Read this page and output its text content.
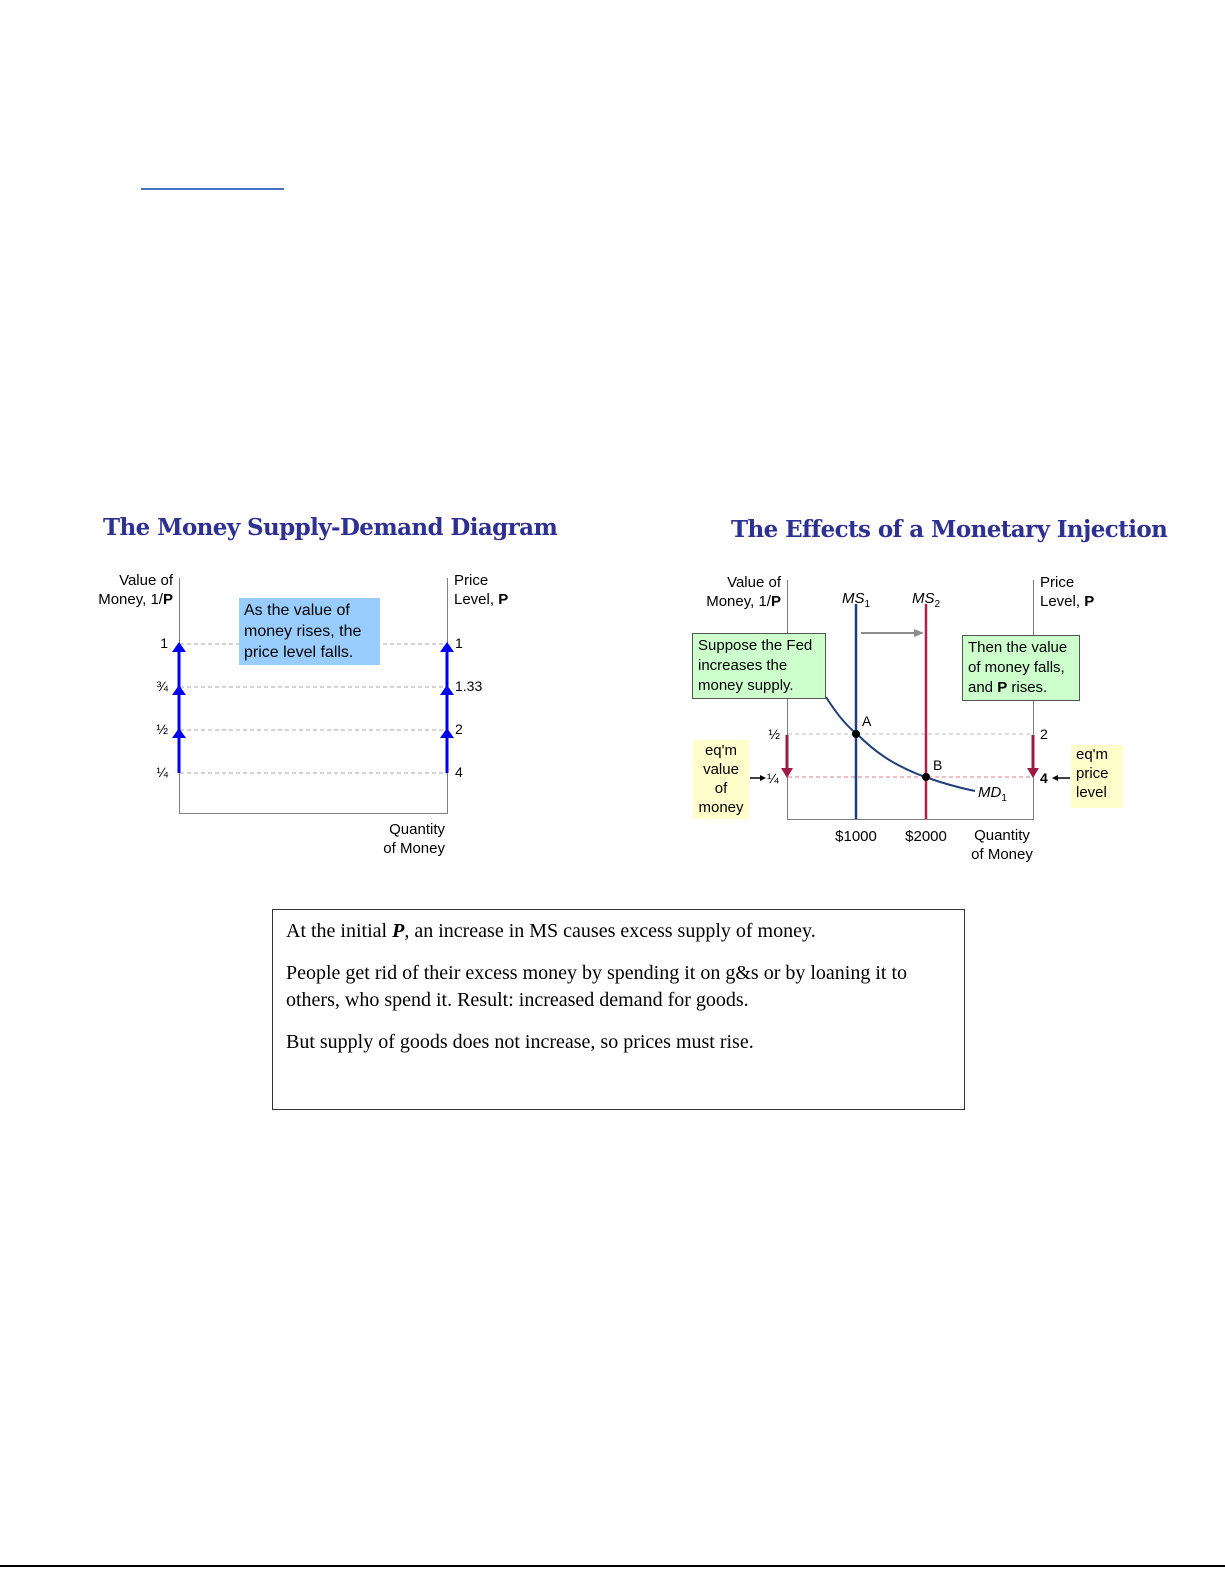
The Money Supply-Demand Diagram
Value of
Money, 1/P
Price
Level, P
Quantity
of Money
1
¾
½
¼
1
1.33
2
4
As the value of
money rises, the
price level falls.
The Effects of a Monetary Injection
Value of
Money, 1/P
Price
Level, P
Quantity
of Money
$MS_1$	$MS_2$
$MD_1$
A
B
½
¼
2
4
$1000	$2000
Suppose the Fed
increases the
money supply.
Then the value
of money falls,
and P rises.
eq'm
value
of
money
eq'm
price
level

At the initial P, an increase in MS causes excess supply of money.

People get rid of their excess money by spending it on g&s or by loaning it to others, who spend it. Result: increased demand for goods.

But supply of goods does not increase, so prices must rise.
